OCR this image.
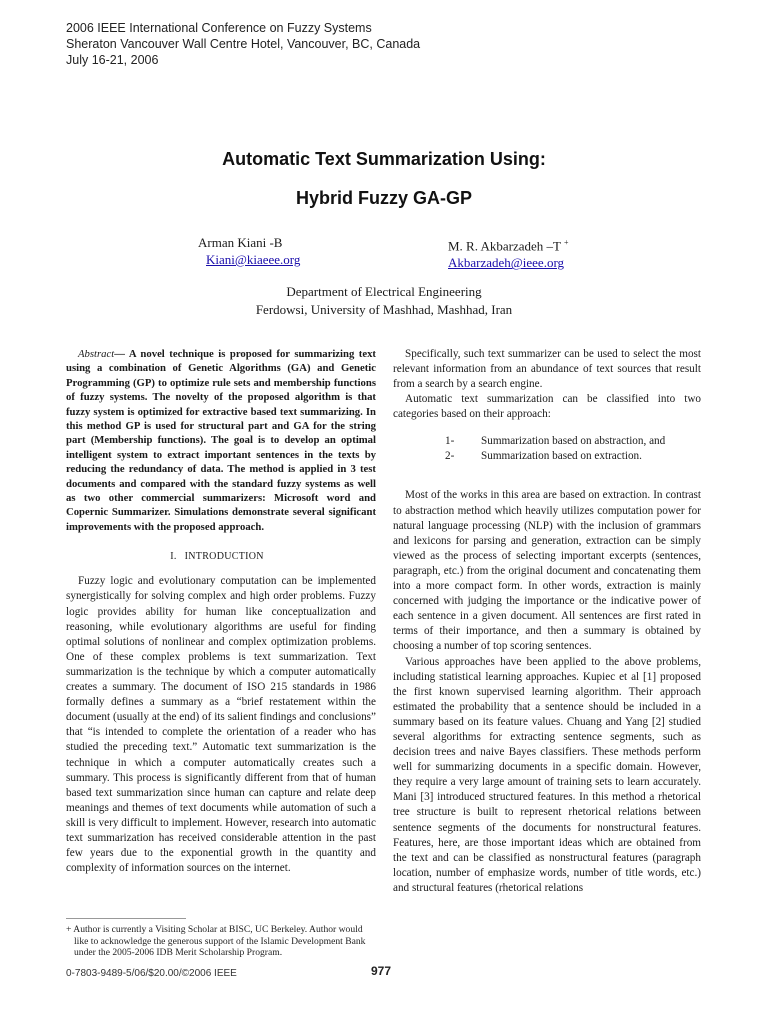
2006 IEEE International Conference on Fuzzy Systems
Sheraton Vancouver Wall Centre Hotel, Vancouver, BC, Canada
July 16-21, 2006
Automatic Text Summarization Using:
Hybrid Fuzzy GA-GP
Arman Kiani -B
Kiani@kiaeee.org
M. R. Akbarzadeh –T +
Akbarzadeh@ieee.org
Department of Electrical Engineering
Ferdowsi, University of Mashhad, Mashhad, Iran

Abstract— A novel technique is proposed for summarizing text using a combination of Genetic Algorithms (GA) and Genetic Programming (GP) to optimize rule sets and membership functions of fuzzy systems. The novelty of the proposed algorithm is that fuzzy system is optimized for extractive based text summarizing. In this method GP is used for structural part and GA for the string part (Membership functions). The goal is to develop an optimal intelligent system to extract important sentences in the texts by reducing the redundancy of data. The method is applied in 3 test documents and compared with the standard fuzzy systems as well as two other commercial summarizers: Microsoft word and Copernic Summarizer. Simulations demonstrate several significant improvements with the proposed approach.

I. INTRODUCTION

Fuzzy logic and evolutionary computation can be implemented synergistically for solving complex and high order problems. Fuzzy logic provides ability for human like conceptualization and reasoning, while evolutionary algorithms are useful for finding optimal solutions of nonlinear and complex optimization problems. One of these complex problems is text summarization. Text summarization is the technique by which a computer automatically creates a summary. The document of ISO 215 standards in 1986 formally defines a summary as a “brief restatement within the document (usually at the end) of its salient findings and conclusions” that “is intended to complete the orientation of a reader who has studied the preceding text.” Automatic text summarization is the technique in which a computer automatically creates such a summary. This process is significantly different from that of human based text summarization since human can capture and relate deep meanings and themes of text documents while automation of such a skill is very difficult to implement. However, research into automatic text summarization has received considerable attention in the past few years due to the exponential growth in the quantity and complexity of information sources on the internet.

+ Author is currently a Visiting Scholar at BISC, UC Berkeley. Author would like to acknowledge the generous support of the Islamic Development Bank under the 2005-2006 IDB Merit Scholarship Program.

Specifically, such text summarizer can be used to select the most relevant information from an abundance of text sources that result from a search by a search engine.

Automatic text summarization can be classified into two categories based on their approach:

1-	Summarization based on abstraction, and
2-	Summarization based on extraction.

Most of the works in this area are based on extraction. In contrast to abstraction method which heavily utilizes computation power for natural language processing (NLP) with the inclusion of grammars and lexicons for parsing and generation, extraction can be simply viewed as the process of selecting important excerpts (sentences, paragraph, etc.) from the original document and concatenating them into a more compact form. In other words, extraction is mainly concerned with judging the importance or the indicative power of each sentence in a given document. All sentences are first rated in terms of their importance, and then a summary is obtained by choosing a number of top scoring sentences.

Various approaches have been applied to the above problems, including statistical learning approaches. Kupiec et al [1] proposed the first known supervised learning algorithm. Their approach estimated the probability that a sentence should be included in a summary based on its feature values. Chuang and Yang [2] studied several algorithms for extracting sentence segments, such as decision trees and naive Bayes classifiers. These methods perform well for summarizing documents in a specific domain. However, they require a very large amount of training sets to learn accurately. Mani [3] introduced structured features. In this method a rhetorical tree structure is built to represent rhetorical relations between sentence segments of the documents for nonstructural features. Features, here, are those important ideas which are obtained from the text and can be classified as nonstructural features (paragraph location, number of emphasize words, number of title words, etc.) and structural features (rhetorical relations

0-7803-9489-5/06/$20.00/©2006 IEEE	977
